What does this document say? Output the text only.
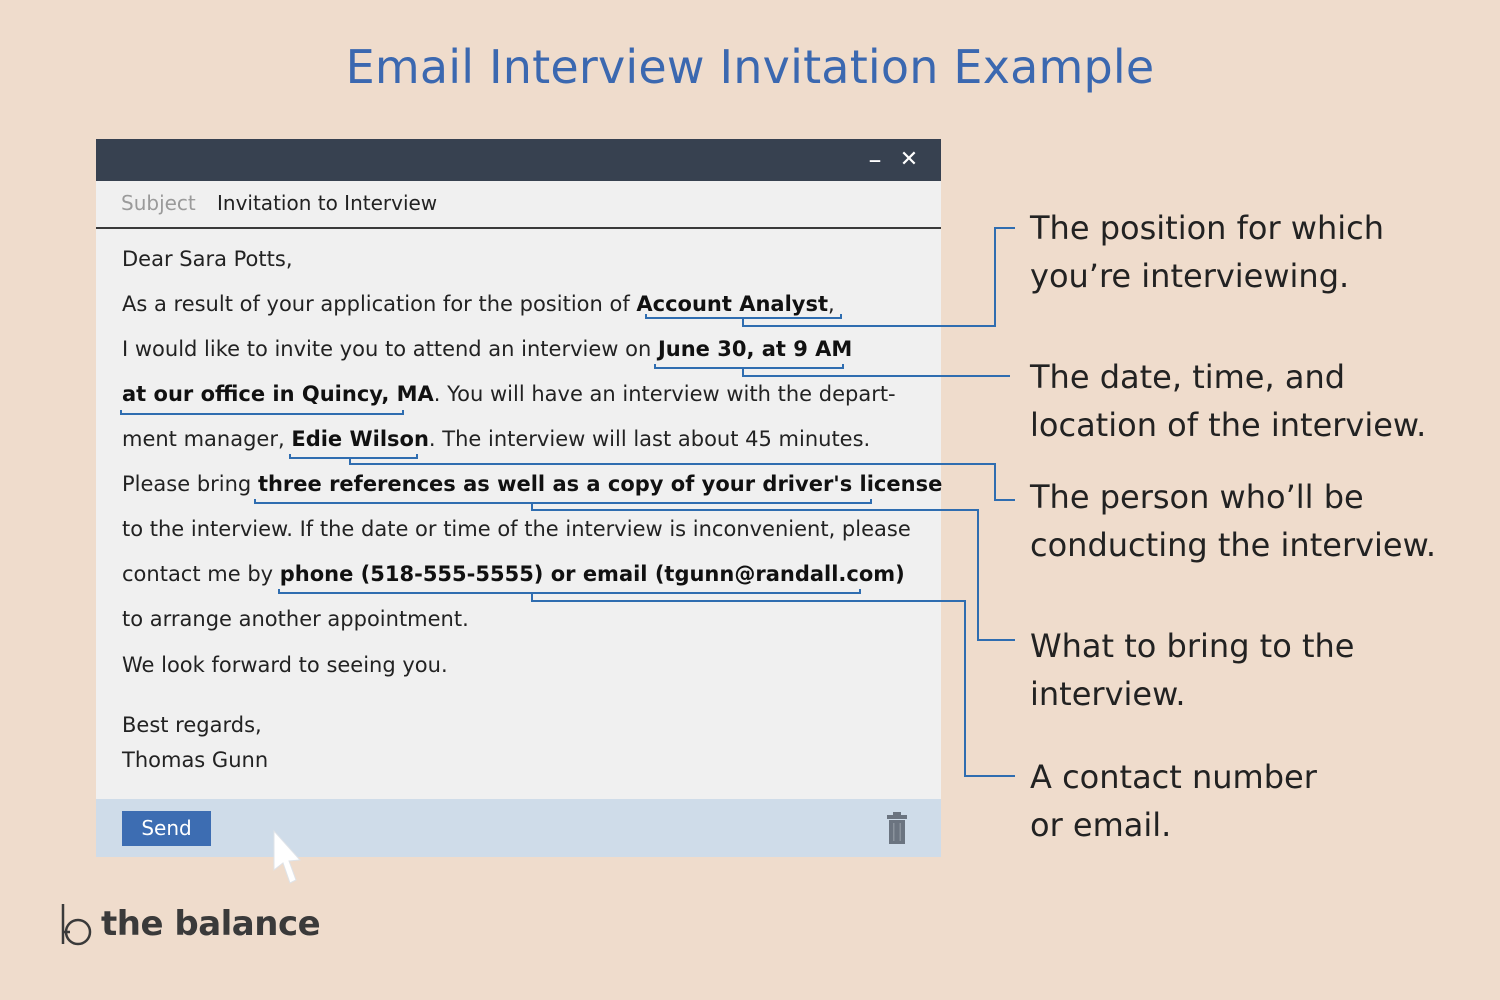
Email Interview Invitation Example
– ✕
Subject Invitation to Interview
Dear Sara Potts,
As a result of your application for the position of Account Analyst,
I would like to invite you to attend an interview on June 30, at 9 AM
at our office in Quincy, MA. You will have an interview with the depart-
ment manager, Edie Wilson. The interview will last about 45 minutes.
Please bring three references as well as a copy of your driver's license
to the interview. If the date or time of the interview is inconvenient, please
contact me by phone (518-555-5555) or email (tgunn@randall.com)
to arrange another appointment.
We look forward to seeing you.
Best regards,
Thomas Gunn
Send
The position for which
you’re interviewing.
The date, time, and
location of the interview.
The person who’ll be
conducting the interview.
What to bring to the
interview.
A contact number
or email.
the balance
